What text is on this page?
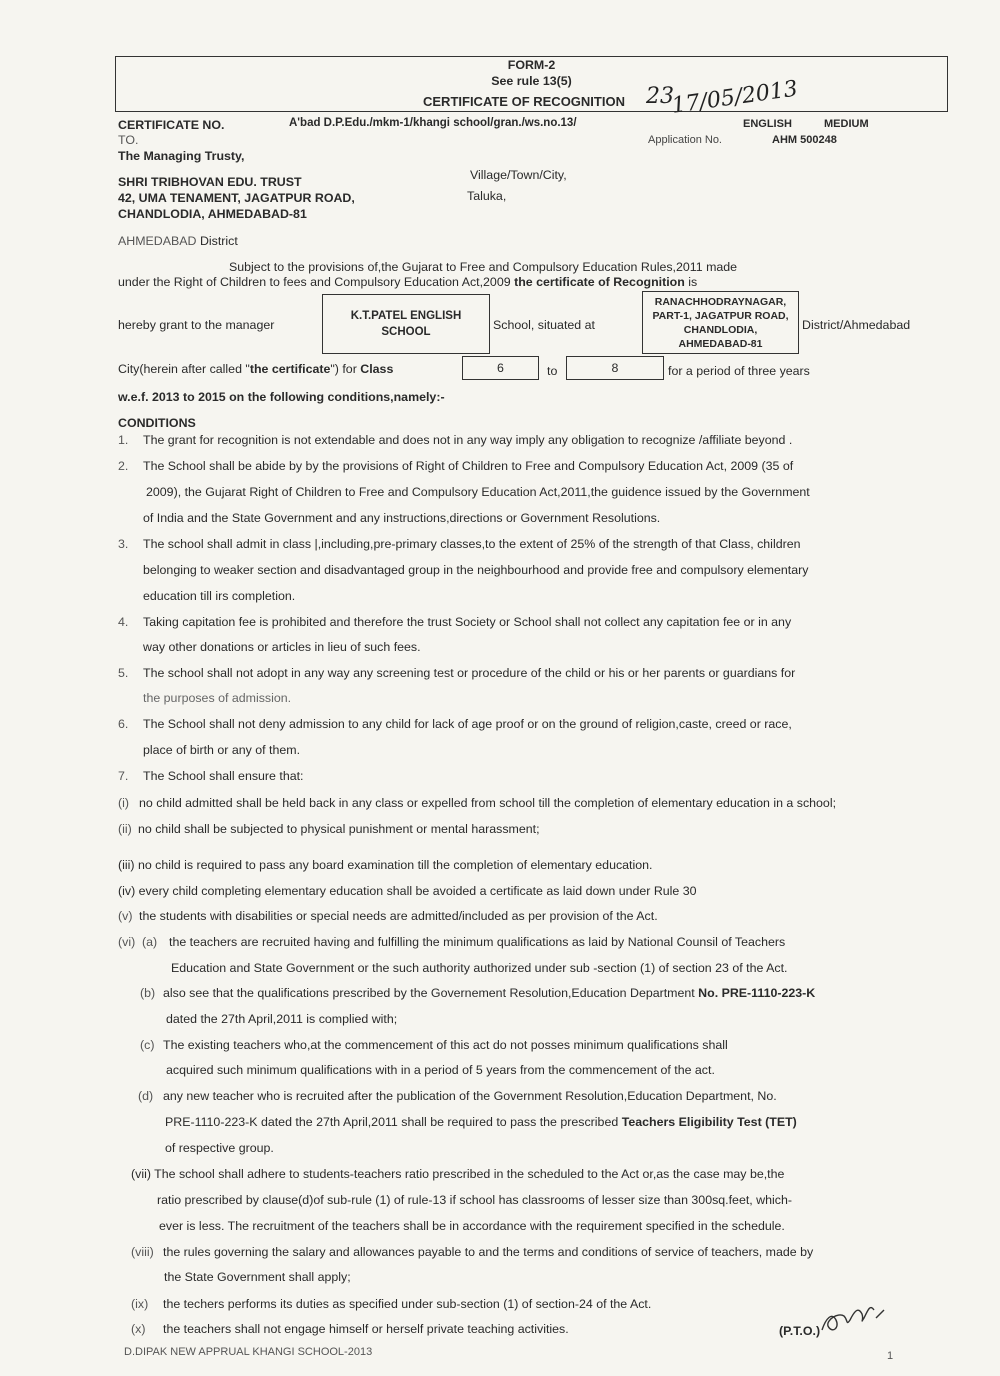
FORM-2
See rule 13(5)
CERTIFICATE OF RECOGNITION 23
17/05/2013
CERTIFICATE NO.	A'bad D.P.Edu./mkm-1/khangi school/gran./ws.no.13/	ENGLISH	MEDIUM
TO.	Application No.	AHM 500248
The Managing Trusty,
SHRI TRIBHOVAN EDU. TRUST
42, UMA TENAMENT, JAGATPUR ROAD,
CHANDLODIA, AHMEDABAD-81
Village/Town/City,
Taluka,
AHMEDABAD District
Subject to the provisions of,the Gujarat to Free and Compulsory Education Rules,2011 made
under the Right of Children to fees and Compulsory Education Act,2009 the certificate of Recognition is
hereby grant to the manager
K.T.PATEL ENGLISH SCHOOL	School, situated at
RANACHHODRAYNAGAR, PART-1, JAGATPUR ROAD, CHANDLODIA, AHMEDABAD-81
District/Ahmedabad
City(herein after called "the certificate") for Class	6	to	8	for a period of three years
w.e.f. 2013 to 2015 on the following conditions,namely:-
CONDITIONS
1. The grant for recognition is not extendable and does not in any way imply any obligation to recognize /affiliate beyond .
2. The School shall be abide by by the provisions of Right of Children to Free and Compulsory Education Act, 2009 (35 of
2009), the Gujarat Right of Children to Free and Compulsory Education Act,2011,the guidence issued by the Government
of India and the State Government and any instructions,directions or Government Resolutions.
3. The school shall admit in class |,including,pre-primary classes,to the extent of 25% of the strength of that Class, children
belonging to weaker section and disadvantaged group in the neighbourhood and provide free and compulsory elementary
education till irs completion.
4. Taking capitation fee is prohibited and therefore the trust Society or School shall not collect any capitation fee or in any
way other donations or articles in lieu of such fees.
5. The school shall not adopt in any way any screening test or procedure of the child or his or her parents or guardians for
the purposes of admission.
6. The School shall not deny admission to any child for lack of age proof or on the ground of religion,caste, creed or race,
place of birth or any of them.
7. The School shall ensure that:
(i) no child admitted shall be held back in any class or expelled from school till the completion of elementary education in a school;
(ii) no child shall be subjected to physical punishment or mental harassment;
(iii) no child is required to pass any board examination till the completion of elementary education.
(iv) every child completing elementary education shall be avoided a certificate as laid down under Rule 30
(v) the students with disabilities or special needs are admitted/included as per provision of the Act.
(vi) (a) the teachers are recruited having and fulfilling the minimum qualifications as laid by National Counsil of Teachers
Education and State Government or the such authority authorized under sub -section (1) of section 23 of the Act.
(b) also see that the qualifications prescribed by the Governement Resolution,Education Department No. PRE-1110-223-K
dated the 27th April,2011 is complied with;
(c) The existing teachers who,at the commencement of this act do not posses minimum qualifications shall
acquired such minimum qualifications with in a period of 5 years from the commencement of the act.
(d) any new teacher who is recruited after the publication of the Government Resolution,Education Department, No.
PRE-1110-223-K dated the 27th April,2011 shall be required to pass the prescribed Teachers Eligibility Test (TET)
of respective group.
(vii) The school shall adhere to students-teachers ratio prescribed in the scheduled to the Act or,as the case may be,the
ratio prescribed by clause(d)of sub-rule (1) of rule-13 if school has classrooms of lesser size than 300sq.feet, which-
ever is less. The recruitment of the teachers shall be in accordance with the requirement specified in the schedule.
(viii) the rules governing the salary and allowances payable to and the terms and conditions of service of teachers, made by
the State Government shall apply;
(ix) the techers performs its duties as specified under sub-section (1) of section-24 of the Act.
(x) the teachers shall not engage himself or herself private teaching activities.	(P.T.O.)
D.DIPAK NEW APPRUAL KHANGI SCHOOL-2013	1
